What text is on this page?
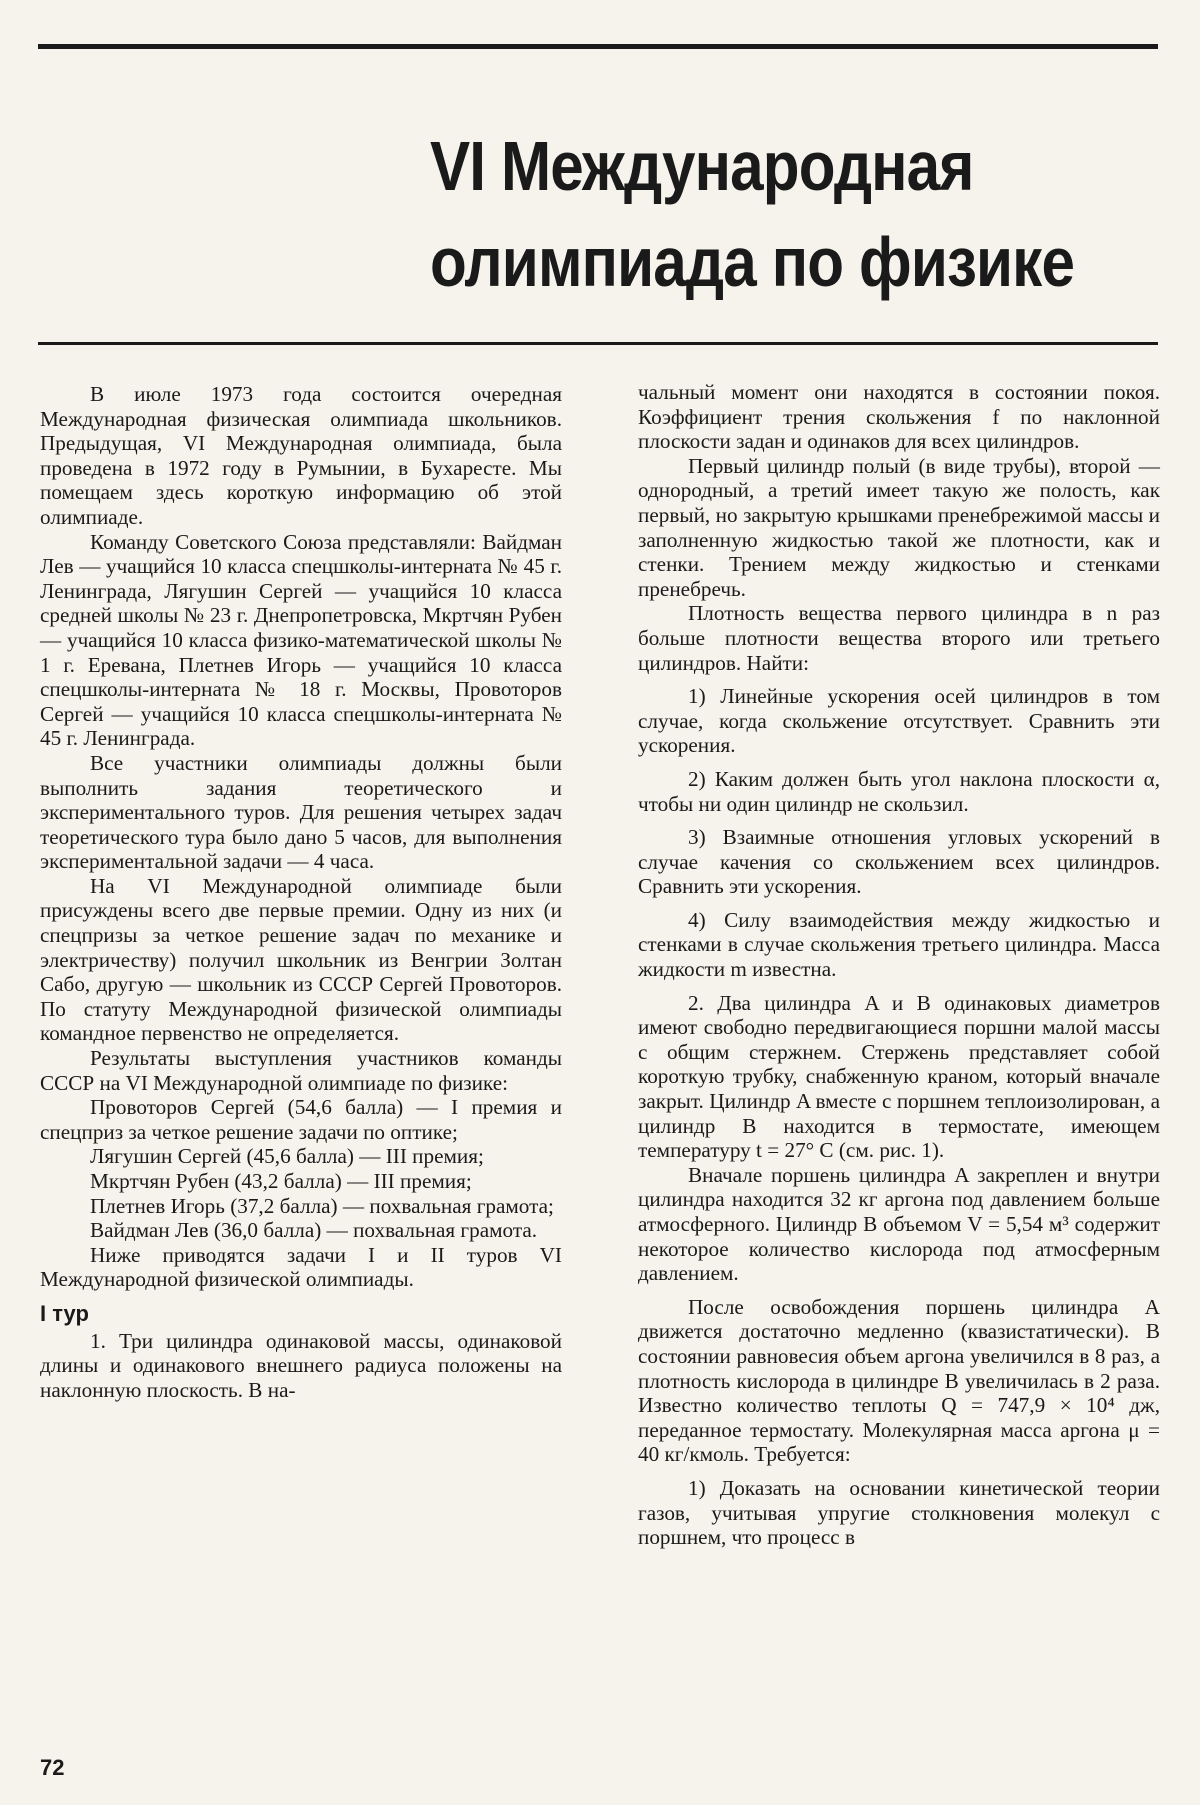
VI Международная
олимпиада по физике

В июле 1973 года состоится очередная Международная физическая олимпиада школьников. Предыдущая, VI Международная олимпиада, была проведена в 1972 году в Румынии, в Бухаресте. Мы помещаем здесь короткую информацию об этой олимпиаде.

Команду Советского Союза представляли: Вайдман Лев — учащийся 10 класса спецшколы-интерната № 45 г. Ленинграда, Лягушин Сергей — учащийся 10 класса средней школы № 23 г. Днепропетровска, Мкртчян Рубен — учащийся 10 класса физико-математической школы № 1 г. Еревана, Плетнев Игорь — учащийся 10 класса спецшколы-интерната № 18 г. Москвы, Провоторов Сергей — учащийся 10 класса спецшколы-интерната № 45 г. Ленинграда.

Все участники олимпиады должны были выполнить задания теоретического и экспериментального туров. Для решения четырех задач теоретического тура было дано 5 часов, для выполнения экспериментальной задачи — 4 часа.

На VI Международной олимпиаде были присуждены всего две первые премии. Одну из них (и спецпризы за четкое решение задач по механике и электричеству) получил школьник из Венгрии Золтан Сабо, другую — школьник из СССР Сергей Провоторов. По статуту Международной физической олимпиады командное первенство не определяется.

Результаты выступления участников команды СССР на VI Международной олимпиаде по физике:

Провоторов Сергей (54,6 балла) — I премия и спецприз за четкое решение задачи по оптике;

Лягушин Сергей (45,6 балла) — III премия;

Мкртчян Рубен (43,2 балла) — III премия;

Плетнев Игорь (37,2 балла) — похвальная грамота;

Вайдман Лев (36,0 балла) — похвальная грамота.

Ниже приводятся задачи I и II туров VI Международной физической олимпиады.

I тур

1. Три цилиндра одинаковой массы, одинаковой длины и одинакового внешнего радиуса положены на наклонную плоскость. В на-

чальный момент они находятся в состоянии покоя. Коэффициент трения скольжения f по наклонной плоскости задан и одинаков для всех цилиндров.

Первый цилиндр полый (в виде трубы), второй — однородный, а третий имеет такую же полость, как первый, но закрытую крышками пренебрежимой массы и заполненную жидкостью такой же плотности, как и стенки. Трением между жидкостью и стенками пренебречь.

Плотность вещества первого цилиндра в n раз больше плотности вещества второго или третьего цилиндров. Найти:

1) Линейные ускорения осей цилиндров в том случае, когда скольжение отсутствует. Сравнить эти ускорения.

2) Каким должен быть угол наклона плоскости α, чтобы ни один цилиндр не скользил.

3) Взаимные отношения угловых ускорений в случае качения со скольжением всех цилиндров. Сравнить эти ускорения.

4) Силу взаимодействия между жидкостью и стенками в случае скольжения третьего цилиндра. Масса жидкости m известна.

2. Два цилиндра A и B одинаковых диаметров имеют свободно передвигающиеся поршни малой массы с общим стержнем. Стержень представляет собой короткую трубку, снабженную краном, который вначале закрыт. Цилиндр A вместе с поршнем теплоизолирован, а цилиндр B находится в термостате, имеющем температуру t = 27° C (см. рис. 1).

Вначале поршень цилиндра A закреплен и внутри цилиндра находится 32 кг аргона под давлением больше атмосферного. Цилиндр B объемом V = 5,54 м³ содержит некоторое количество кислорода под атмосферным давлением.

После освобождения поршень цилиндра A движется достаточно медленно (квазистатически). В состоянии равновесия объем аргона увеличился в 8 раз, а плотность кислорода в цилиндре B увеличилась в 2 раза. Известно количество теплоты Q = 747,9 × 10⁴ дж, переданное термостату. Молекулярная масса аргона μ = 40 кг/кмоль. Требуется:

1) Доказать на основании кинетической теории газов, учитывая упругие столкновения молекул с поршнем, что процесс в

72
